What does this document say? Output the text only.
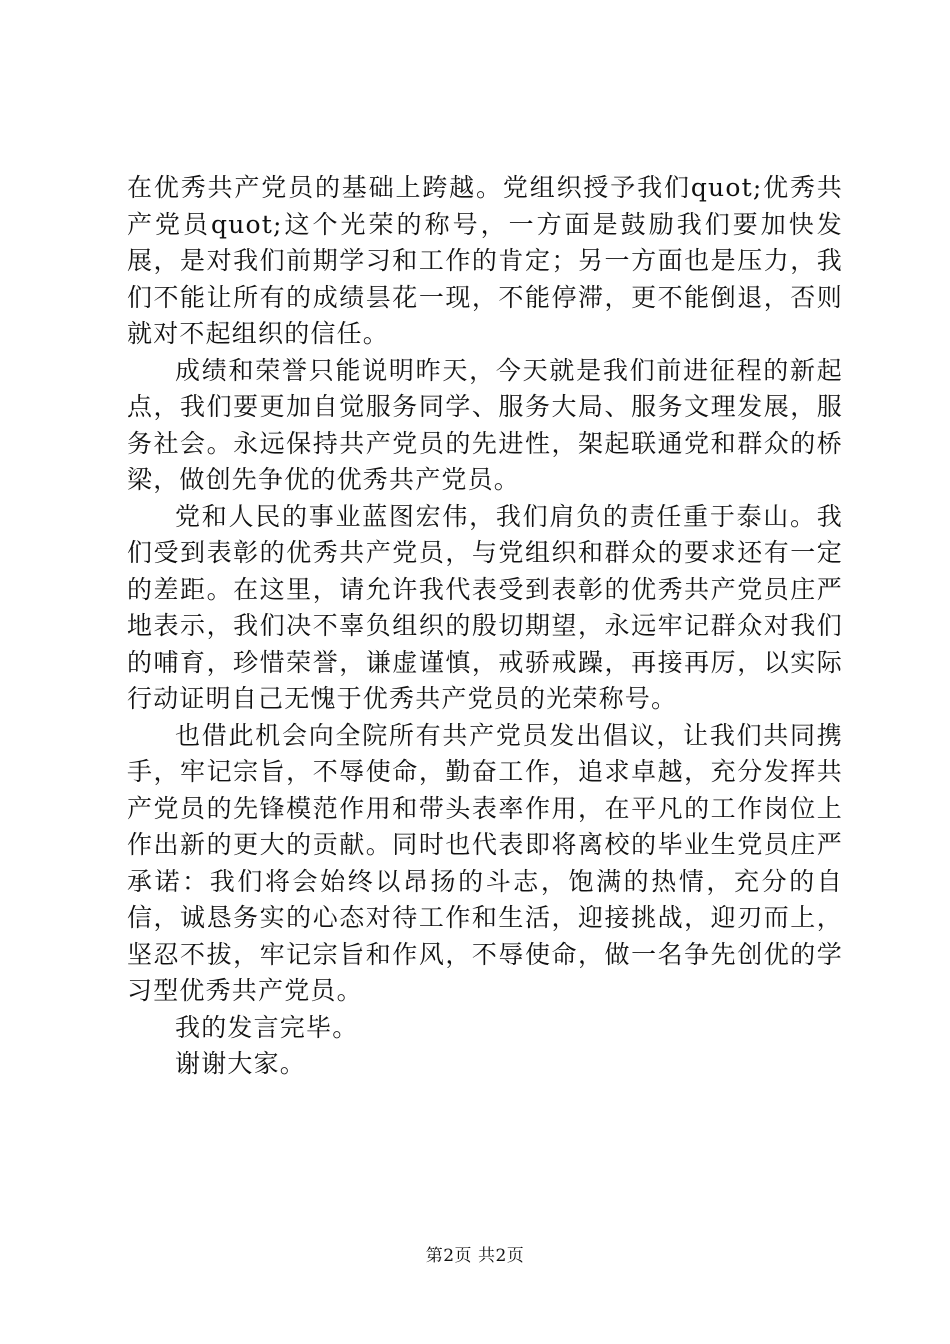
在优秀共产党员的基础上跨越。党组织授予我们quot;优秀共产党员quot;这个光荣的称号，一方面是鼓励我们要加快发展，是对我们前期学习和工作的肯定；另一方面也是压力，我们不能让所有的成绩昙花一现，不能停滞，更不能倒退，否则就对不起组织的信任。

成绩和荣誉只能说明昨天，今天就是我们前进征程的新起点，我们要更加自觉服务同学、服务大局、服务文理发展，服务社会。永远保持共产党员的先进性，架起联通党和群众的桥梁，做创先争优的优秀共产党员。

党和人民的事业蓝图宏伟，我们肩负的责任重于泰山。我们受到表彰的优秀共产党员，与党组织和群众的要求还有一定的差距。在这里，请允许我代表受到表彰的优秀共产党员庄严地表示，我们决不辜负组织的殷切期望，永远牢记群众对我们的哺育，珍惜荣誉，谦虚谨慎，戒骄戒躁，再接再厉，以实际行动证明自己无愧于优秀共产党员的光荣称号。

也借此机会向全院所有共产党员发出倡议，让我们共同携手，牢记宗旨，不辱使命，勤奋工作，追求卓越，充分发挥共产党员的先锋模范作用和带头表率作用，在平凡的工作岗位上作出新的更大的贡献。同时也代表即将离校的毕业生党员庄严承诺：我们将会始终以昂扬的斗志，饱满的热情，充分的自信，诚恳务实的心态对待工作和生活，迎接挑战，迎刃而上，坚忍不拔，牢记宗旨和作风，不辱使命，做一名争先创优的学习型优秀共产党员。

我的发言完毕。

谢谢大家。

第2页 共2页
